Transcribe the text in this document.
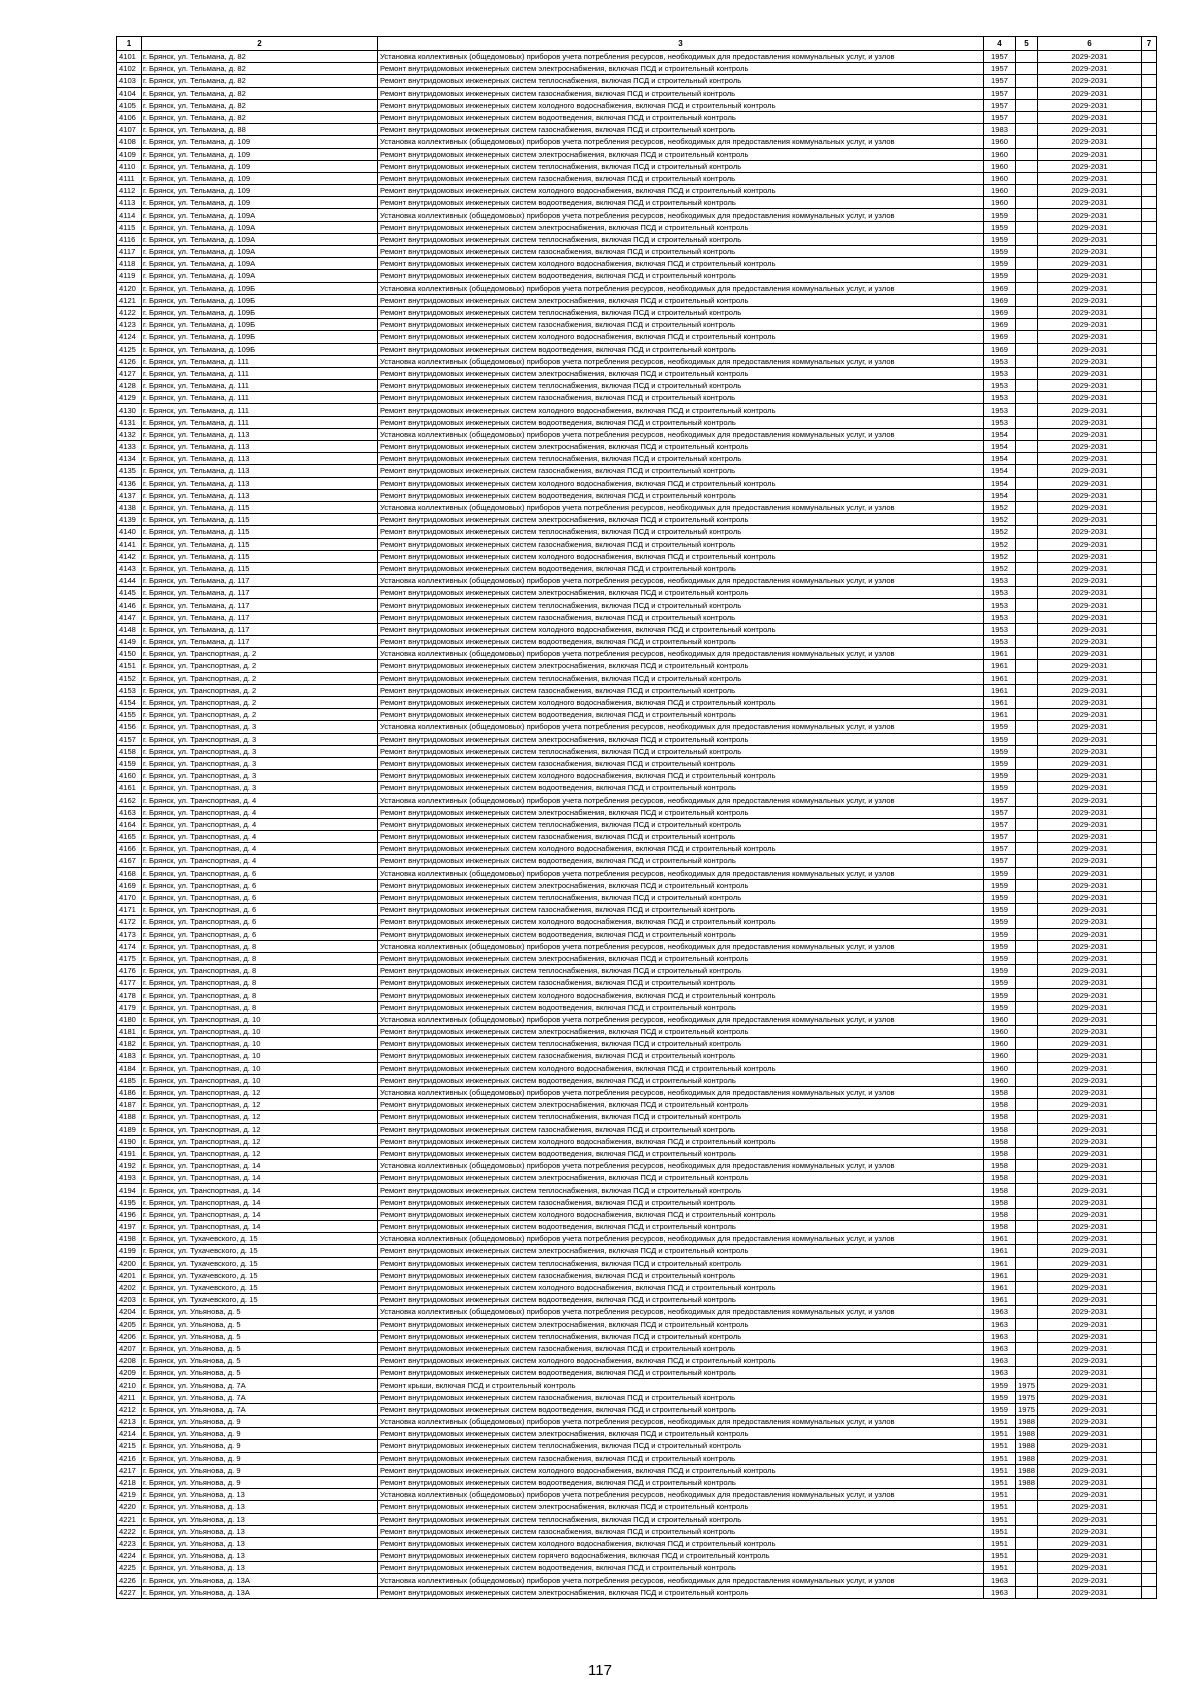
1	2	3	4	5	6	7
4101	г. Брянск, ул. Тельмана, д. 82	Установка коллективных (общедомовых) приборов учета потребления ресурсов, необходимых для предоставления коммунальных услуг, и узлов	1957		2029-2031	
4102	г. Брянск, ул. Тельмана, д. 82	Ремонт внутридомовых инженерных систем электроснабжения, включая ПСД и строительный контроль	1957		2029-2031	
4103	г. Брянск, ул. Тельмана, д. 82	Ремонт внутридомовых инженерных систем теплоснабжения, включая ПСД и строительный контроль	1957		2029-2031	
4104	г. Брянск, ул. Тельмана, д. 82	Ремонт внутридомовых инженерных систем газоснабжения, включая ПСД и строительный контроль	1957		2029-2031	
4105	г. Брянск, ул. Тельмана, д. 82	Ремонт внутридомовых инженерных систем холодного водоснабжения, включая ПСД и строительный контроль	1957		2029-2031	
4106	г. Брянск, ул. Тельмана, д. 82	Ремонт внутридомовых инженерных систем водоотведения, включая ПСД и строительный контроль	1957		2029-2031	
4107	г. Брянск, ул. Тельмана, д. 88	Ремонт внутридомовых инженерных систем газоснабжения, включая ПСД и строительный контроль	1983		2029-2031	
4108	г. Брянск, ул. Тельмана, д. 109	Установка коллективных (общедомовых) приборов учета потребления ресурсов, необходимых для предоставления коммунальных услуг, и узлов	1960		2029-2031	
4109	г. Брянск, ул. Тельмана, д. 109	Ремонт внутридомовых инженерных систем электроснабжения, включая ПСД и строительный контроль	1960		2029-2031	
4110	г. Брянск, ул. Тельмана, д. 109	Ремонт внутридомовых инженерных систем теплоснабжения, включая ПСД и строительный контроль	1960		2029-2031	
4111	г. Брянск, ул. Тельмана, д. 109	Ремонт внутридомовых инженерных систем газоснабжения, включая ПСД и строительный контроль	1960		2029-2031	
4112	г. Брянск, ул. Тельмана, д. 109	Ремонт внутридомовых инженерных систем холодного водоснабжения, включая ПСД и строительный контроль	1960		2029-2031	
4113	г. Брянск, ул. Тельмана, д. 109	Ремонт внутридомовых инженерных систем водоотведения, включая ПСД и строительный контроль	1960		2029-2031	
4114	г. Брянск, ул. Тельмана, д. 109А	Установка коллективных (общедомовых) приборов учета потребления ресурсов, необходимых для предоставления коммунальных услуг, и узлов	1959		2029-2031	
4115	г. Брянск, ул. Тельмана, д. 109А	Ремонт внутридомовых инженерных систем электроснабжения, включая ПСД и строительный контроль	1959		2029-2031	
4116	г. Брянск, ул. Тельмана, д. 109А	Ремонт внутридомовых инженерных систем теплоснабжения, включая ПСД и строительный контроль	1959		2029-2031	
4117	г. Брянск, ул. Тельмана, д. 109А	Ремонт внутридомовых инженерных систем газоснабжения, включая ПСД и строительный контроль	1959		2029-2031	
4118	г. Брянск, ул. Тельмана, д. 109А	Ремонт внутридомовых инженерных систем холодного водоснабжения, включая ПСД и строительный контроль	1959		2029-2031	
4119	г. Брянск, ул. Тельмана, д. 109А	Ремонт внутридомовых инженерных систем водоотведения, включая ПСД и строительный контроль	1959		2029-2031	
4120	г. Брянск, ул. Тельмана, д. 109Б	Установка коллективных (общедомовых) приборов учета потребления ресурсов, необходимых для предоставления коммунальных услуг, и узлов	1969		2029-2031	
4121	г. Брянск, ул. Тельмана, д. 109Б	Ремонт внутридомовых инженерных систем электроснабжения, включая ПСД и строительный контроль	1969		2029-2031	
4122	г. Брянск, ул. Тельмана, д. 109Б	Ремонт внутридомовых инженерных систем теплоснабжения, включая ПСД и строительный контроль	1969		2029-2031	
4123	г. Брянск, ул. Тельмана, д. 109Б	Ремонт внутридомовых инженерных систем газоснабжения, включая ПСД и строительный контроль	1969		2029-2031	
4124	г. Брянск, ул. Тельмана, д. 109Б	Ремонт внутридомовых инженерных систем холодного водоснабжения, включая ПСД и строительный контроль	1969		2029-2031	
4125	г. Брянск, ул. Тельмана, д. 109Б	Ремонт внутридомовых инженерных систем водоотведения, включая ПСД и строительный контроль	1969		2029-2031	
4126	г. Брянск, ул. Тельмана, д. 111	Установка коллективных (общедомовых) приборов учета потребления ресурсов, необходимых для предоставления коммунальных услуг, и узлов	1953		2029-2031	
4127	г. Брянск, ул. Тельмана, д. 111	Ремонт внутридомовых инженерных систем электроснабжения, включая ПСД и строительный контроль	1953		2029-2031	
4128	г. Брянск, ул. Тельмана, д. 111	Ремонт внутридомовых инженерных систем теплоснабжения, включая ПСД и строительный контроль	1953		2029-2031	
4129	г. Брянск, ул. Тельмана, д. 111	Ремонт внутридомовых инженерных систем газоснабжения, включая ПСД и строительный контроль	1953		2029-2031	
4130	г. Брянск, ул. Тельмана, д. 111	Ремонт внутридомовых инженерных систем холодного водоснабжения, включая ПСД и строительный контроль	1953		2029-2031	
4131	г. Брянск, ул. Тельмана, д. 111	Ремонт внутридомовых инженерных систем водоотведения, включая ПСД и строительный контроль	1953		2029-2031	
4132	г. Брянск, ул. Тельмана, д. 113	Установка коллективных (общедомовых) приборов учета потребления ресурсов, необходимых для предоставления коммунальных услуг, и узлов	1954		2029-2031	
4133	г. Брянск, ул. Тельмана, д. 113	Ремонт внутридомовых инженерных систем электроснабжения, включая ПСД и строительный контроль	1954		2029-2031	
4134	г. Брянск, ул. Тельмана, д. 113	Ремонт внутридомовых инженерных систем теплоснабжения, включая ПСД и строительный контроль	1954		2029-2031	
4135	г. Брянск, ул. Тельмана, д. 113	Ремонт внутридомовых инженерных систем газоснабжения, включая ПСД и строительный контроль	1954		2029-2031	
4136	г. Брянск, ул. Тельмана, д. 113	Ремонт внутридомовых инженерных систем холодного водоснабжения, включая ПСД и строительный контроль	1954		2029-2031	
4137	г. Брянск, ул. Тельмана, д. 113	Ремонт внутридомовых инженерных систем водоотведения, включая ПСД и строительный контроль	1954		2029-2031	
4138	г. Брянск, ул. Тельмана, д. 115	Установка коллективных (общедомовых) приборов учета потребления ресурсов, необходимых для предоставления коммунальных услуг, и узлов	1952		2029-2031	
4139	г. Брянск, ул. Тельмана, д. 115	Ремонт внутридомовых инженерных систем электроснабжения, включая ПСД и строительный контроль	1952		2029-2031	
4140	г. Брянск, ул. Тельмана, д. 115	Ремонт внутридомовых инженерных систем теплоснабжения, включая ПСД и строительный контроль	1952		2029-2031	
4141	г. Брянск, ул. Тельмана, д. 115	Ремонт внутридомовых инженерных систем газоснабжения, включая ПСД и строительный контроль	1952		2029-2031	
4142	г. Брянск, ул. Тельмана, д. 115	Ремонт внутридомовых инженерных систем холодного водоснабжения, включая ПСД и строительный контроль	1952		2029-2031	
4143	г. Брянск, ул. Тельмана, д. 115	Ремонт внутридомовых инженерных систем водоотведения, включая ПСД и строительный контроль	1952		2029-2031	
4144	г. Брянск, ул. Тельмана, д. 117	Установка коллективных (общедомовых) приборов учета потребления ресурсов, необходимых для предоставления коммунальных услуг, и узлов	1953		2029-2031	
4145	г. Брянск, ул. Тельмана, д. 117	Ремонт внутридомовых инженерных систем электроснабжения, включая ПСД и строительный контроль	1953		2029-2031	
4146	г. Брянск, ул. Тельмана, д. 117	Ремонт внутридомовых инженерных систем теплоснабжения, включая ПСД и строительный контроль	1953		2029-2031	
4147	г. Брянск, ул. Тельмана, д. 117	Ремонт внутридомовых инженерных систем газоснабжения, включая ПСД и строительный контроль	1953		2029-2031	
4148	г. Брянск, ул. Тельмана, д. 117	Ремонт внутридомовых инженерных систем холодного водоснабжения, включая ПСД и строительный контроль	1953		2029-2031	
4149	г. Брянск, ул. Тельмана, д. 117	Ремонт внутридомовых инженерных систем водоотведения, включая ПСД и строительный контроль	1953		2029-2031	
4150	г. Брянск, ул. Транспортная, д. 2	Установка коллективных (общедомовых) приборов учета потребления ресурсов, необходимых для предоставления коммунальных услуг, и узлов	1961		2029-2031	
4151	г. Брянск, ул. Транспортная, д. 2	Ремонт внутридомовых инженерных систем электроснабжения, включая ПСД и строительный контроль	1961		2029-2031	
4152	г. Брянск, ул. Транспортная, д. 2	Ремонт внутридомовых инженерных систем теплоснабжения, включая ПСД и строительный контроль	1961		2029-2031	
4153	г. Брянск, ул. Транспортная, д. 2	Ремонт внутридомовых инженерных систем газоснабжения, включая ПСД и строительный контроль	1961		2029-2031	
4154	г. Брянск, ул. Транспортная, д. 2	Ремонт внутридомовых инженерных систем холодного водоснабжения, включая ПСД и строительный контроль	1961		2029-2031	
4155	г. Брянск, ул. Транспортная, д. 2	Ремонт внутридомовых инженерных систем водоотведения, включая ПСД и строительный контроль	1961		2029-2031	
4156	г. Брянск, ул. Транспортная, д. 3	Установка коллективных (общедомовых) приборов учета потребления ресурсов, необходимых для предоставления коммунальных услуг, и узлов	1959		2029-2031	
4157	г. Брянск, ул. Транспортная, д. 3	Ремонт внутридомовых инженерных систем электроснабжения, включая ПСД и строительный контроль	1959		2029-2031	
4158	г. Брянск, ул. Транспортная, д. 3	Ремонт внутридомовых инженерных систем теплоснабжения, включая ПСД и строительный контроль	1959		2029-2031	
4159	г. Брянск, ул. Транспортная, д. 3	Ремонт внутридомовых инженерных систем газоснабжения, включая ПСД и строительный контроль	1959		2029-2031	
4160	г. Брянск, ул. Транспортная, д. 3	Ремонт внутридомовых инженерных систем холодного водоснабжения, включая ПСД и строительный контроль	1959		2029-2031	
4161	г. Брянск, ул. Транспортная, д. 3	Ремонт внутридомовых инженерных систем водоотведения, включая ПСД и строительный контроль	1959		2029-2031	
4162	г. Брянск, ул. Транспортная, д. 4	Установка коллективных (общедомовых) приборов учета потребления ресурсов, необходимых для предоставления коммунальных услуг, и узлов	1957		2029-2031	
4163	г. Брянск, ул. Транспортная, д. 4	Ремонт внутридомовых инженерных систем электроснабжения, включая ПСД и строительный контроль	1957		2029-2031	
4164	г. Брянск, ул. Транспортная, д. 4	Ремонт внутридомовых инженерных систем теплоснабжения, включая ПСД и строительный контроль	1957		2029-2031	
4165	г. Брянск, ул. Транспортная, д. 4	Ремонт внутридомовых инженерных систем газоснабжения, включая ПСД и строительный контроль	1957		2029-2031	
4166	г. Брянск, ул. Транспортная, д. 4	Ремонт внутридомовых инженерных систем холодного водоснабжения, включая ПСД и строительный контроль	1957		2029-2031	
4167	г. Брянск, ул. Транспортная, д. 4	Ремонт внутридомовых инженерных систем водоотведения, включая ПСД и строительный контроль	1957		2029-2031	
4168	г. Брянск, ул. Транспортная, д. 6	Установка коллективных (общедомовых) приборов учета потребления ресурсов, необходимых для предоставления коммунальных услуг, и узлов	1959		2029-2031	
4169	г. Брянск, ул. Транспортная, д. 6	Ремонт внутридомовых инженерных систем электроснабжения, включая ПСД и строительный контроль	1959		2029-2031	
4170	г. Брянск, ул. Транспортная, д. 6	Ремонт внутридомовых инженерных систем теплоснабжения, включая ПСД и строительный контроль	1959		2029-2031	
4171	г. Брянск, ул. Транспортная, д. 6	Ремонт внутридомовых инженерных систем газоснабжения, включая ПСД и строительный контроль	1959		2029-2031	
4172	г. Брянск, ул. Транспортная, д. 6	Ремонт внутридомовых инженерных систем холодного водоснабжения, включая ПСД и строительный контроль	1959		2029-2031	
4173	г. Брянск, ул. Транспортная, д. 6	Ремонт внутридомовых инженерных систем водоотведения, включая ПСД и строительный контроль	1959		2029-2031	
4174	г. Брянск, ул. Транспортная, д. 8	Установка коллективных (общедомовых) приборов учета потребления ресурсов, необходимых для предоставления коммунальных услуг, и узлов	1959		2029-2031	
4175	г. Брянск, ул. Транспортная, д. 8	Ремонт внутридомовых инженерных систем электроснабжения, включая ПСД и строительный контроль	1959		2029-2031	
4176	г. Брянск, ул. Транспортная, д. 8	Ремонт внутридомовых инженерных систем теплоснабжения, включая ПСД и строительный контроль	1959		2029-2031	
4177	г. Брянск, ул. Транспортная, д. 8	Ремонт внутридомовых инженерных систем газоснабжения, включая ПСД и строительный контроль	1959		2029-2031	
4178	г. Брянск, ул. Транспортная, д. 8	Ремонт внутридомовых инженерных систем холодного водоснабжения, включая ПСД и строительный контроль	1959		2029-2031	
4179	г. Брянск, ул. Транспортная, д. 8	Ремонт внутридомовых инженерных систем водоотведения, включая ПСД и строительный контроль	1959		2029-2031	
4180	г. Брянск, ул. Транспортная, д. 10	Установка коллективных (общедомовых) приборов учета потребления ресурсов, необходимых для предоставления коммунальных услуг, и узлов	1960		2029-2031	
4181	г. Брянск, ул. Транспортная, д. 10	Ремонт внутридомовых инженерных систем электроснабжения, включая ПСД и строительный контроль	1960		2029-2031	
4182	г. Брянск, ул. Транспортная, д. 10	Ремонт внутридомовых инженерных систем теплоснабжения, включая ПСД и строительный контроль	1960		2029-2031	
4183	г. Брянск, ул. Транспортная, д. 10	Ремонт внутридомовых инженерных систем газоснабжения, включая ПСД и строительный контроль	1960		2029-2031	
4184	г. Брянск, ул. Транспортная, д. 10	Ремонт внутридомовых инженерных систем холодного водоснабжения, включая ПСД и строительный контроль	1960		2029-2031	
4185	г. Брянск, ул. Транспортная, д. 10	Ремонт внутридомовых инженерных систем водоотведения, включая ПСД и строительный контроль	1960		2029-2031	
4186	г. Брянск, ул. Транспортная, д. 12	Установка коллективных (общедомовых) приборов учета потребления ресурсов, необходимых для предоставления коммунальных услуг, и узлов	1958		2029-2031	
4187	г. Брянск, ул. Транспортная, д. 12	Ремонт внутридомовых инженерных систем электроснабжения, включая ПСД и строительный контроль	1958		2029-2031	
4188	г. Брянск, ул. Транспортная, д. 12	Ремонт внутридомовых инженерных систем теплоснабжения, включая ПСД и строительный контроль	1958		2029-2031	
4189	г. Брянск, ул. Транспортная, д. 12	Ремонт внутридомовых инженерных систем газоснабжения, включая ПСД и строительный контроль	1958		2029-2031	
4190	г. Брянск, ул. Транспортная, д. 12	Ремонт внутридомовых инженерных систем холодного водоснабжения, включая ПСД и строительный контроль	1958		2029-2031	
4191	г. Брянск, ул. Транспортная, д. 12	Ремонт внутридомовых инженерных систем водоотведения, включая ПСД и строительный контроль	1958		2029-2031	
4192	г. Брянск, ул. Транспортная, д. 14	Установка коллективных (общедомовых) приборов учета потребления ресурсов, необходимых для предоставления коммунальных услуг, и узлов	1958		2029-2031	
4193	г. Брянск, ул. Транспортная, д. 14	Ремонт внутридомовых инженерных систем электроснабжения, включая ПСД и строительный контроль	1958		2029-2031	
4194	г. Брянск, ул. Транспортная, д. 14	Ремонт внутридомовых инженерных систем теплоснабжения, включая ПСД и строительный контроль	1958		2029-2031	
4195	г. Брянск, ул. Транспортная, д. 14	Ремонт внутридомовых инженерных систем газоснабжения, включая ПСД и строительный контроль	1958		2029-2031	
4196	г. Брянск, ул. Транспортная, д. 14	Ремонт внутридомовых инженерных систем холодного водоснабжения, включая ПСД и строительный контроль	1958		2029-2031	
4197	г. Брянск, ул. Транспортная, д. 14	Ремонт внутридомовых инженерных систем водоотведения, включая ПСД и строительный контроль	1958		2029-2031	
4198	г. Брянск, ул. Тухачевского, д. 15	Установка коллективных (общедомовых) приборов учета потребления ресурсов, необходимых для предоставления коммунальных услуг, и узлов	1961		2029-2031	
4199	г. Брянск, ул. Тухачевского, д. 15	Ремонт внутридомовых инженерных систем электроснабжения, включая ПСД и строительный контроль	1961		2029-2031	
4200	г. Брянск, ул. Тухачевского, д. 15	Ремонт внутридомовых инженерных систем теплоснабжения, включая ПСД и строительный контроль	1961		2029-2031	
4201	г. Брянск, ул. Тухачевского, д. 15	Ремонт внутридомовых инженерных систем газоснабжения, включая ПСД и строительный контроль	1961		2029-2031	
4202	г. Брянск, ул. Тухачевского, д. 15	Ремонт внутридомовых инженерных систем холодного водоснабжения, включая ПСД и строительный контроль	1961		2029-2031	
4203	г. Брянск, ул. Тухачевского, д. 15	Ремонт внутридомовых инженерных систем водоотведения, включая ПСД и строительный контроль	1961		2029-2031	
4204	г. Брянск, ул. Ульянова, д. 5	Установка коллективных (общедомовых) приборов учета потребления ресурсов, необходимых для предоставления коммунальных услуг, и узлов	1963		2029-2031	
4205	г. Брянск, ул. Ульянова, д. 5	Ремонт внутридомовых инженерных систем электроснабжения, включая ПСД и строительный контроль	1963		2029-2031	
4206	г. Брянск, ул. Ульянова, д. 5	Ремонт внутридомовых инженерных систем теплоснабжения, включая ПСД и строительный контроль	1963		2029-2031	
4207	г. Брянск, ул. Ульянова, д. 5	Ремонт внутридомовых инженерных систем газоснабжения, включая ПСД и строительный контроль	1963		2029-2031	
4208	г. Брянск, ул. Ульянова, д. 5	Ремонт внутридомовых инженерных систем холодного водоснабжения, включая ПСД и строительный контроль	1963		2029-2031	
4209	г. Брянск, ул. Ульянова, д. 5	Ремонт внутридомовых инженерных систем водоотведения, включая ПСД и строительный контроль	1963		2029-2031	
4210	г. Брянск, ул. Ульянова, д. 7А	Ремонт крыши, включая ПСД и строительный контроль	1959	1975	2029-2031	
4211	г. Брянск, ул. Ульянова, д. 7А	Ремонт внутридомовых инженерных систем газоснабжения, включая ПСД и строительный контроль	1959	1975	2029-2031	
4212	г. Брянск, ул. Ульянова, д. 7А	Ремонт внутридомовых инженерных систем водоотведения, включая ПСД и строительный контроль	1959	1975	2029-2031	
4213	г. Брянск, ул. Ульянова, д. 9	Установка коллективных (общедомовых) приборов учета потребления ресурсов, необходимых для предоставления коммунальных услуг, и узлов	1951	1988	2029-2031	
4214	г. Брянск, ул. Ульянова, д. 9	Ремонт внутридомовых инженерных систем электроснабжения, включая ПСД и строительный контроль	1951	1988	2029-2031	
4215	г. Брянск, ул. Ульянова, д. 9	Ремонт внутридомовых инженерных систем теплоснабжения, включая ПСД и строительный контроль	1951	1988	2029-2031	
4216	г. Брянск, ул. Ульянова, д. 9	Ремонт внутридомовых инженерных систем газоснабжения, включая ПСД и строительный контроль	1951	1988	2029-2031	
4217	г. Брянск, ул. Ульянова, д. 9	Ремонт внутридомовых инженерных систем холодного водоснабжения, включая ПСД и строительный контроль	1951	1988	2029-2031	
4218	г. Брянск, ул. Ульянова, д. 9	Ремонт внутридомовых инженерных систем водоотведения, включая ПСД и строительный контроль	1951	1988	2029-2031	
4219	г. Брянск, ул. Ульянова, д. 13	Установка коллективных (общедомовых) приборов учета потребления ресурсов, необходимых для предоставления коммунальных услуг, и узлов	1951		2029-2031	
4220	г. Брянск, ул. Ульянова, д. 13	Ремонт внутридомовых инженерных систем электроснабжения, включая ПСД и строительный контроль	1951		2029-2031	
4221	г. Брянск, ул. Ульянова, д. 13	Ремонт внутридомовых инженерных систем теплоснабжения, включая ПСД и строительный контроль	1951		2029-2031	
4222	г. Брянск, ул. Ульянова, д. 13	Ремонт внутридомовых инженерных систем газоснабжения, включая ПСД и строительный контроль	1951		2029-2031	
4223	г. Брянск, ул. Ульянова, д. 13	Ремонт внутридомовых инженерных систем холодного водоснабжения, включая ПСД и строительный контроль	1951		2029-2031	
4224	г. Брянск, ул. Ульянова, д. 13	Ремонт внутридомовых инженерных систем горячего водоснабжения, включая ПСД и строительный контроль	1951		2029-2031	
4225	г. Брянск, ул. Ульянова, д. 13	Ремонт внутридомовых инженерных систем водоотведения, включая ПСД и строительный контроль	1951		2029-2031	
4226	г. Брянск, ул. Ульянова, д. 13А	Установка коллективных (общедомовых) приборов учета потребления ресурсов, необходимых для предоставления коммунальных услуг, и узлов	1963		2029-2031	
4227	г. Брянск, ул. Ульянова, д. 13А	Ремонт внутридомовых инженерных систем электроснабжения, включая ПСД и строительный контроль	1963		2029-2031	
117
